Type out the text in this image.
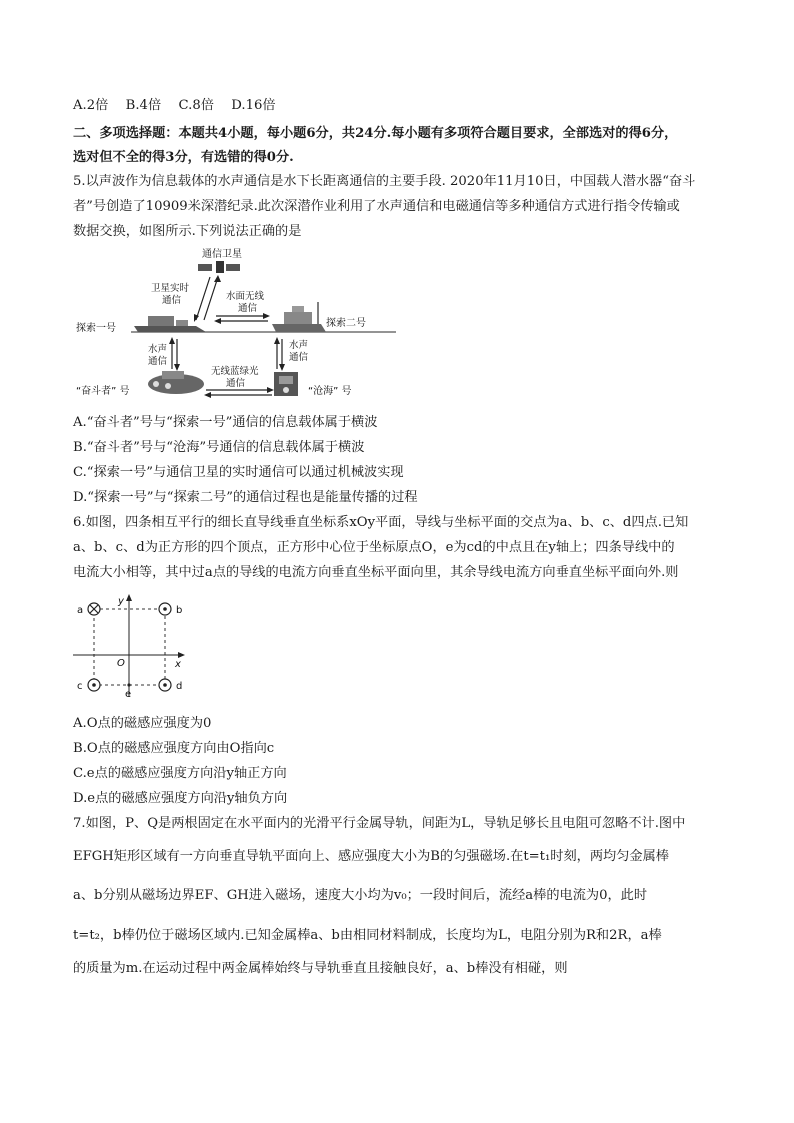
A.2倍　 B.4倍　 C.8倍　 D.16倍
二、多项选择题：本题共4小题，每小题6分，共24分.每小题有多项符合题目要求，全部选对的得6分，
选对但不全的得3分，有选错的得0分.
5.以声波作为信息载体的水声通信是水下长距离通信的主要手段. 2020年11月10日，中国载人潜水器“奋斗
者”号创造了10909米深潜纪录.此次深潜作业利用了水声通信和电磁通信等多种通信方式进行指令传输或
数据交换，如图所示.下列说法正确的是
通信卫星
卫星实时
通信	水面无线
通信
探索一号	探索二号
水声
通信
水声
通信
“奋斗者” 号
无线蓝绿光
通信
“沧海” 号
A.“奋斗者”号与“探索一号”通信的信息载体属于横波
B.“奋斗者”号与“沧海”号通信的信息载体属于横波
C.“探索一号”与通信卫星的实时通信可以通过机械波实现
D.“探索一号”与“探索二号”的通信过程也是能量传播的过程
6.如图，四条相互平行的细长直导线垂直坐标系xOy平面，导线与坐标平面的交点为a、b、c、d四点.已知
a、b、c、d为正方形的四个顶点，正方形中心位于坐标原点O，e为cd的中点且在y轴上；四条导线中的
电流大小相等，其中过a点的导线的电流方向垂直坐标平面向里，其余导线电流方向垂直坐标平面向外.则
x
y
O
a	b
c	d
e
A.O点的磁感应强度为0
B.O点的磁感应强度方向由O指向c
C.e点的磁感应强度方向沿y轴正方向
D.e点的磁感应强度方向沿y轴负方向
7.如图，P、Q是两根固定在水平面内的光滑平行金属导轨，间距为L，导轨足够长且电阻可忽略不计.图中
EFGH矩形区域有一方向垂直导轨平面向上、感应强度大小为B的匀强磁场.在t=t₁时刻，两均匀金属棒
a、b分别从磁场边界EF、GH进入磁场，速度大小均为v₀；一段时间后，流经a棒的电流为0，此时
t=t₂，b棒仍位于磁场区域内.已知金属棒a、b由相同材料制成，长度均为L，电阻分别为R和2R，a棒
的质量为m.在运动过程中两金属棒始终与导轨垂直且接触良好，a、b棒没有相碰，则
